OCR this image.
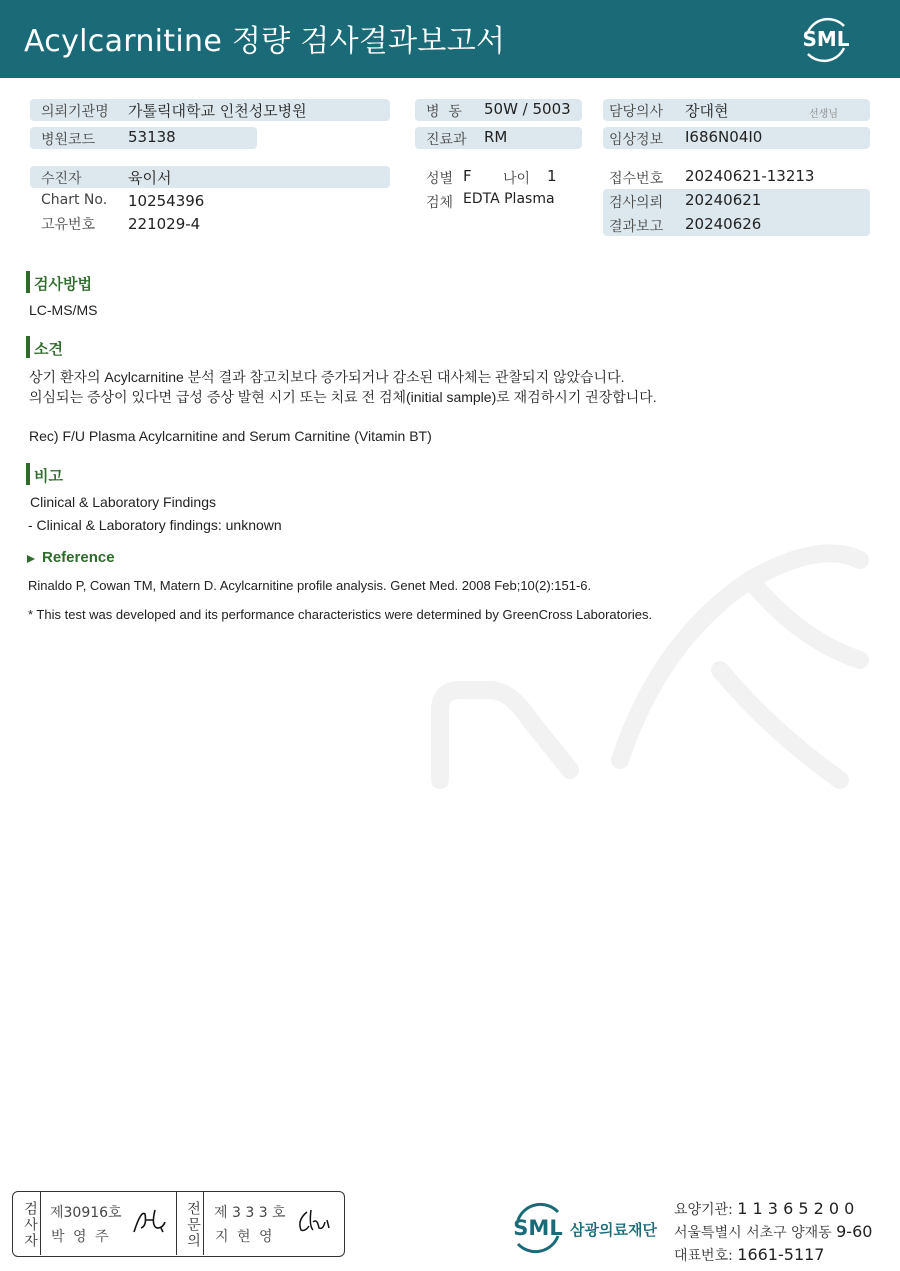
Acylcarnitine 정량 검사결과보고서	SML
의뢰기관명 가톨릭대학교 인천성모병원	병  동 50W / 5003	담당의사 장대현	선생님
병원코드 53138	진료과 RM	임상정보 I686N04I0
수진자	육이서	성별 F 나이 1	접수번호 20240621-13213
Chart No. 10254396	검체 EDTA Plasma	검사의뢰 20240621
고유번호 221029-4	결과보고 20240626
검사방법
LC-MS/MS
소견
상기 환자의 Acylcarnitine 분석 결과 참고치보다 증가되거나 감소된 대사체는 관찰되지 않았습니다.
의심되는 증상이 있다면 급성 증상 발현 시기 또는 치료 전 검체(initial sample)로 재검하시기 권장합니다.
Rec) F/U Plasma Acylcarnitine and Serum Carnitine (Vitamin BT)
비고
Clinical & Laboratory Findings
- Clinical & Laboratory findings: unknown
Reference
Rinaldo P, Cowan TM, Matern D. Acylcarnitine profile analysis. Genet Med. 2008 Feb;10(2):151-6.
* This test was developed and its performance characteristics were determined by GreenCross Laboratories.
검사자 제30916호
박 영 주	전문의 제 3 3 3 호
지 현 영	SML 삼광의료재단
요양기관: 1 1 3 6 5 2 0 0
서울특별시 서초구 양재동 9-60
대표번호: 1661-5117
